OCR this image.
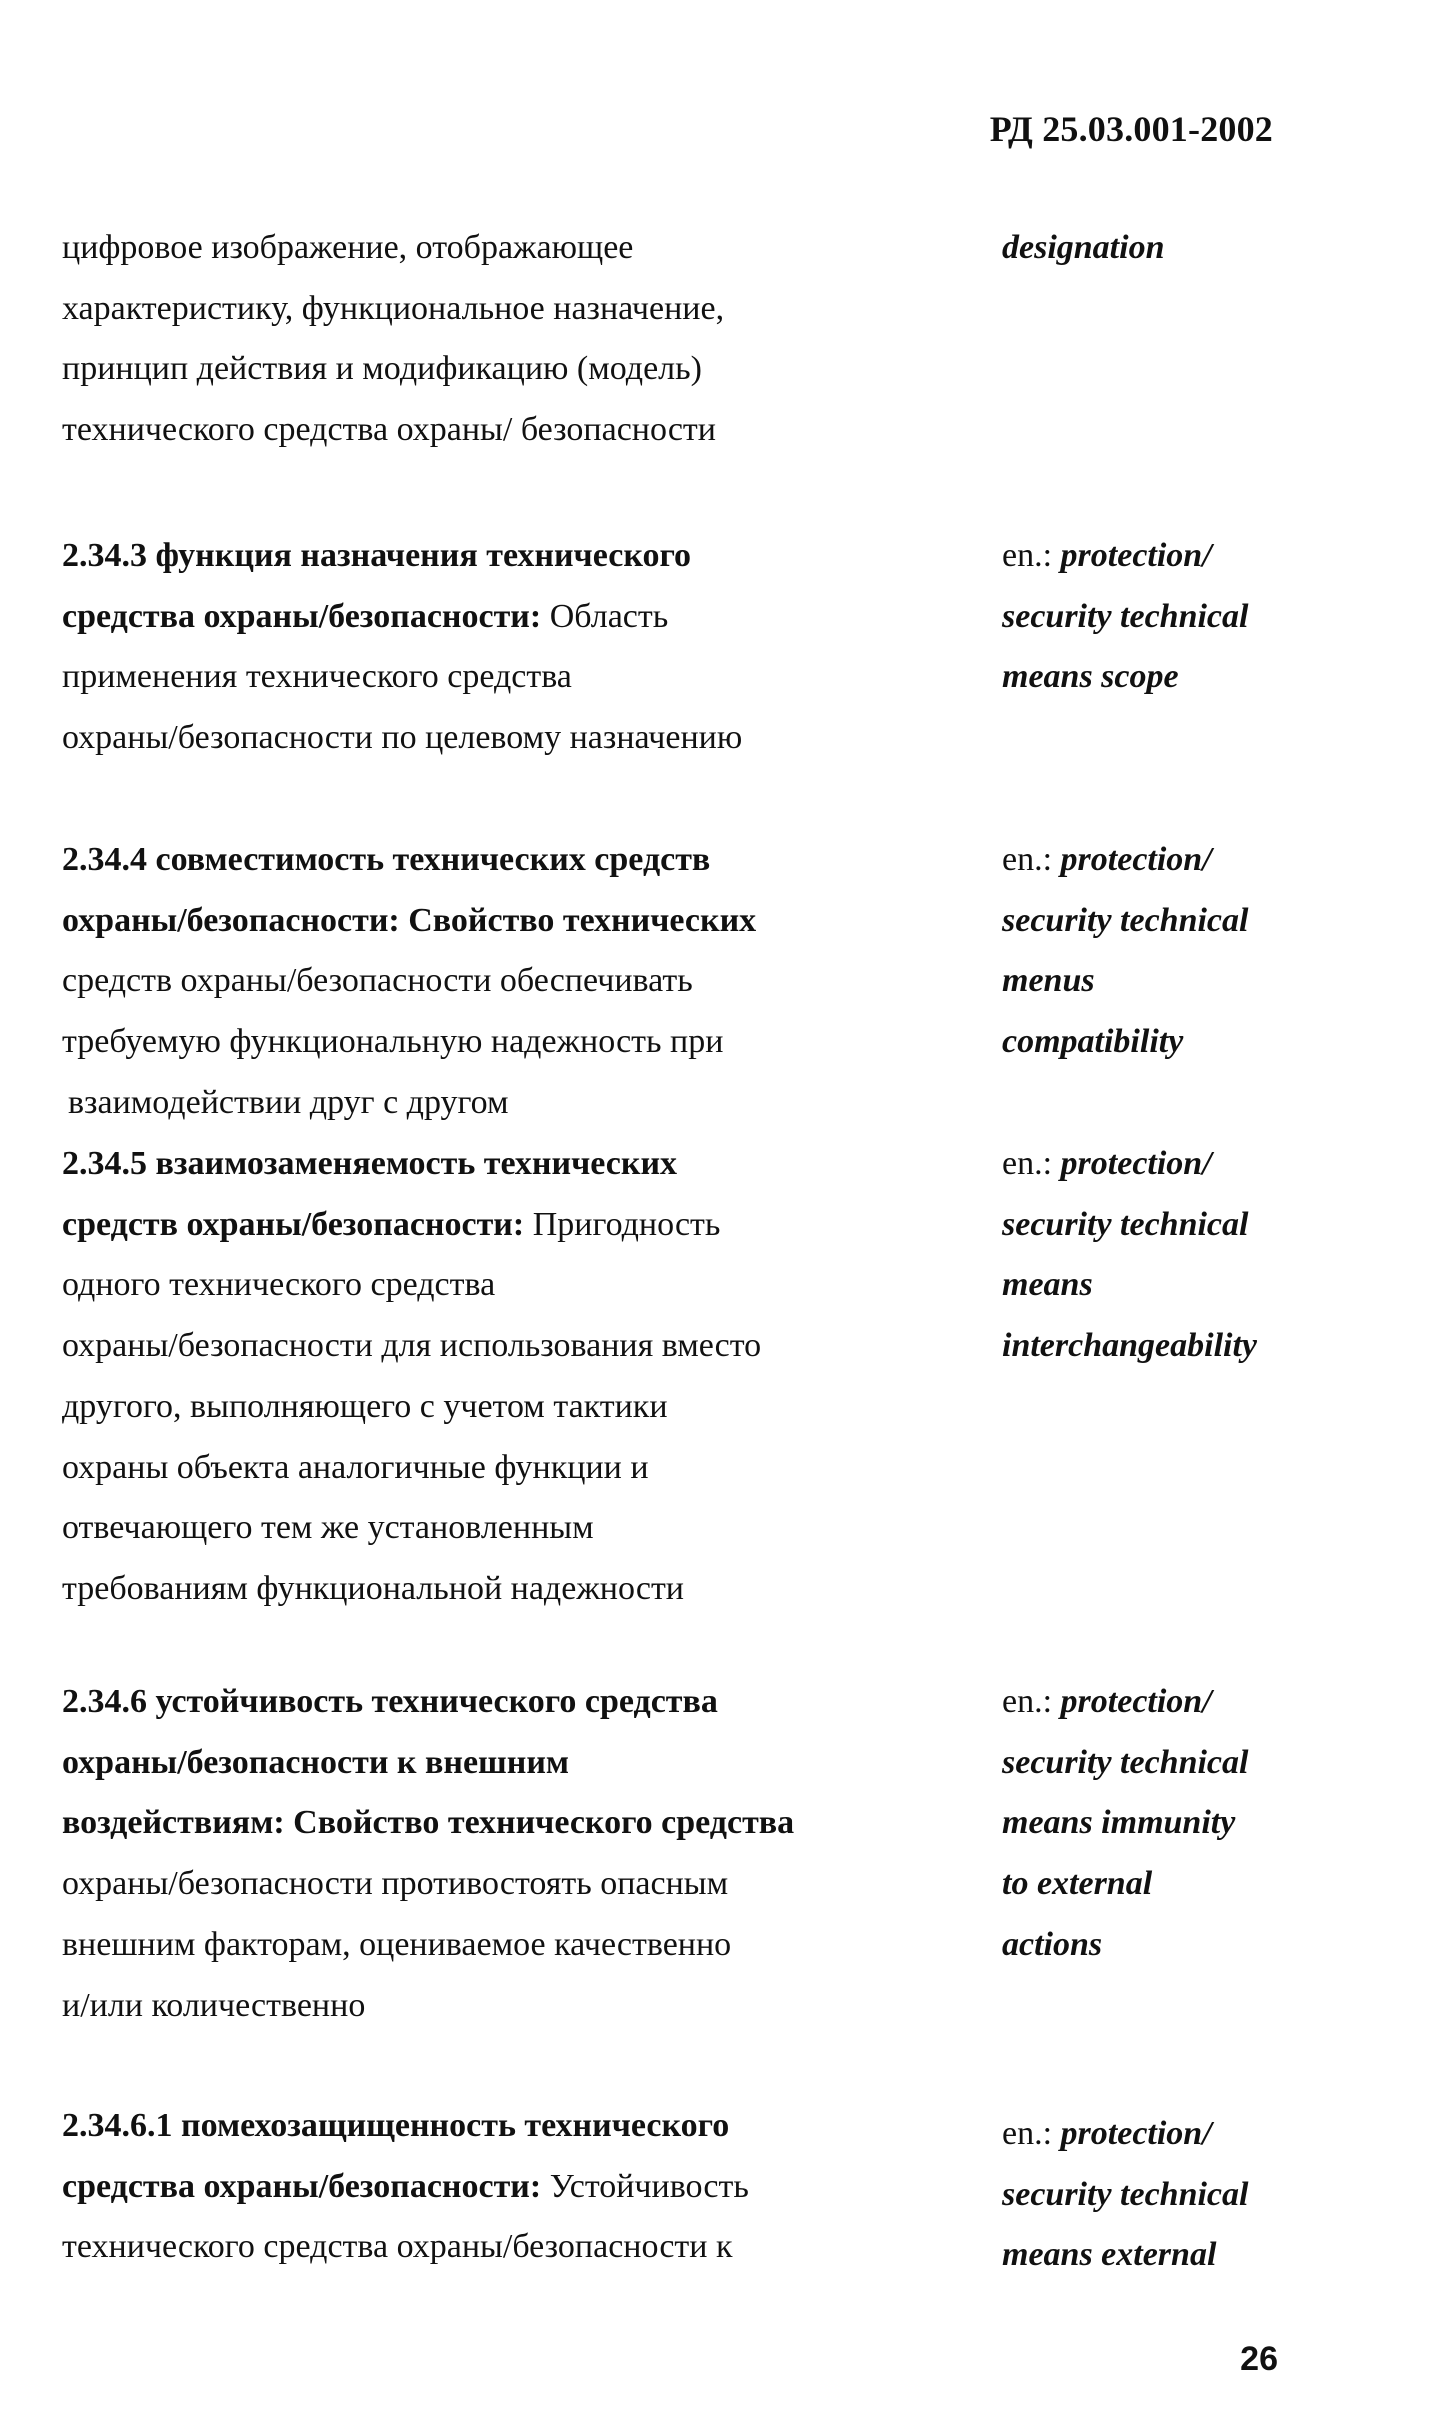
РД 25.03.001-2002
цифровое изображение, отображающее
характеристику, функциональное назначение,
принцип действия и модификацию (модель)
технического средства охраны/ безопасности
designation
2.34.3 функция назначения технического
средства охраны/безопасности: Область
применения технического средства
охраны/безопасности по целевому назначению
en.: protection/
security technical
means scope
2.34.4 совместимость технических средств
охраны/безопасности: Свойство технических
средств охраны/безопасности обеспечивать
требуемую функциональную надежность при
взаимодействии друг с другом
en.: protection/
security technical
menus
compatibility
2.34.5 взаимозаменяемость технических
средств охраны/безопасности: Пригодность
одного технического средства
охраны/безопасности для использования вместо
другого, выполняющего с учетом тактики
охраны объекта аналогичные функции и
отвечающего тем же установленным
требованиям функциональной надежности
en.: protection/
security technical
means
interchangeability
2.34.6 устойчивость технического средства
охраны/безопасности к внешним
воздействиям: Свойство технического средства
охраны/безопасности противостоять опасным
внешним факторам, оцениваемое качественно
и/или количественно
en.: protection/
security technical
means immunity
to external
actions
2.34.6.1 помехозащищенность технического
средства охраны/безопасности: Устойчивость
технического средства охраны/безопасности к
en.: protection/
security technical
means external
26
